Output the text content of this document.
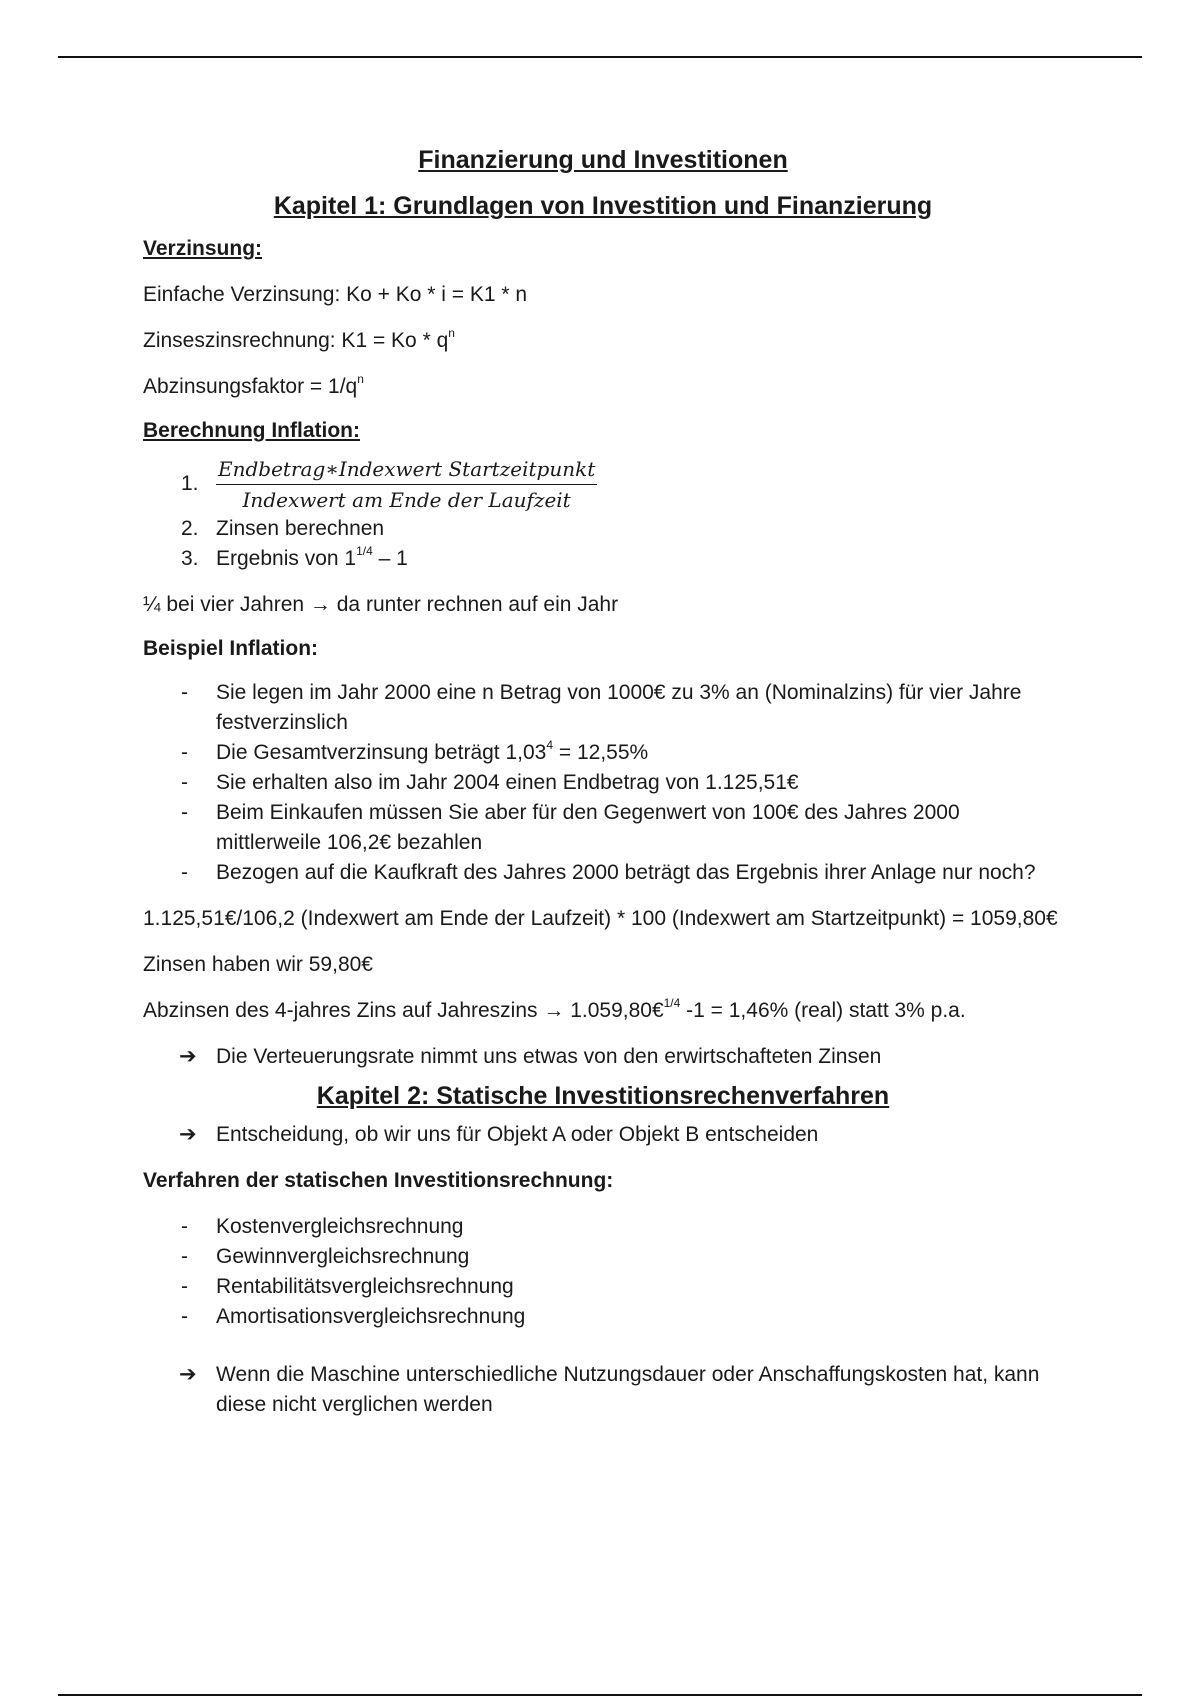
Finanzierung und Investitionen
Kapitel 1: Grundlagen von Investition und Finanzierung
Verzinsung:
Einfache Verzinsung: Ko + Ko * i = K1 * n
Zinseszinsrechnung: $K1 = Ko * q^n$
Abzinsungsfaktor = $1/q^n$
Berechnung Inflation:
1. $\frac{\text{Endbetrag∗Indexwert Startzeitpunkt}}{\text{Indexwert am Ende der Laufzeit}}$
2. Zinsen berechnen
3. Ergebnis von $1^{1/4} - 1$
¼ bei vier Jahren → da runter rechnen auf ein Jahr
Beispiel Inflation:
- Sie legen im Jahr 2000 eine n Betrag von 1000€ zu 3% an (Nominalzins) für vier Jahre festverzinslich
- Die Gesamtverzinsung beträgt $1,03^4 = 12,55\%$
- Sie erhalten also im Jahr 2004 einen Endbetrag von 1.125,51€
- Beim Einkaufen müssen Sie aber für den Gegenwert von 100€ des Jahres 2000 mittlerweile 106,2€ bezahlen
- Bezogen auf die Kaufkraft des Jahres 2000 beträgt das Ergebnis ihrer Anlage nur noch?
1.125,51€/106,2 (Indexwert am Ende der Laufzeit) * 100 (Indexwert am Startzeitpunkt) = 1059,80€
Zinsen haben wir 59,80€
Abzinsen des 4-jahres Zins auf Jahreszins → 1.059,80€$^{1/4}$ -1 = 1,46% (real) statt 3% p.a.
➔ Die Verteuerungsrate nimmt uns etwas von den erwirtschafteten Zinsen
Kapitel 2: Statische Investitionsrechenverfahren
➔ Entscheidung, ob wir uns für Objekt A oder Objekt B entscheiden
Verfahren der statischen Investitionsrechnung:
- Kostenvergleichsrechnung
- Gewinnvergleichsrechnung
- Rentabilitätsvergleichsrechnung
- Amortisationsvergleichsrechnung
➔ Wenn die Maschine unterschiedliche Nutzungsdauer oder Anschaffungskosten hat, kann diese nicht verglichen werden
